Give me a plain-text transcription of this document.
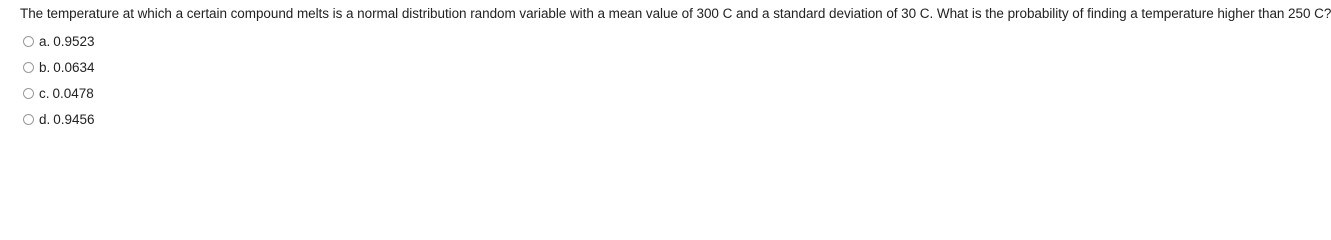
The temperature at which a certain compound melts is a normal distribution random variable with a mean value of 300 C and a standard deviation of 30 C. What is the probability of finding a temperature higher than 250 C?
a. 0.9523
b. 0.0634
c. 0.0478
d. 0.9456
